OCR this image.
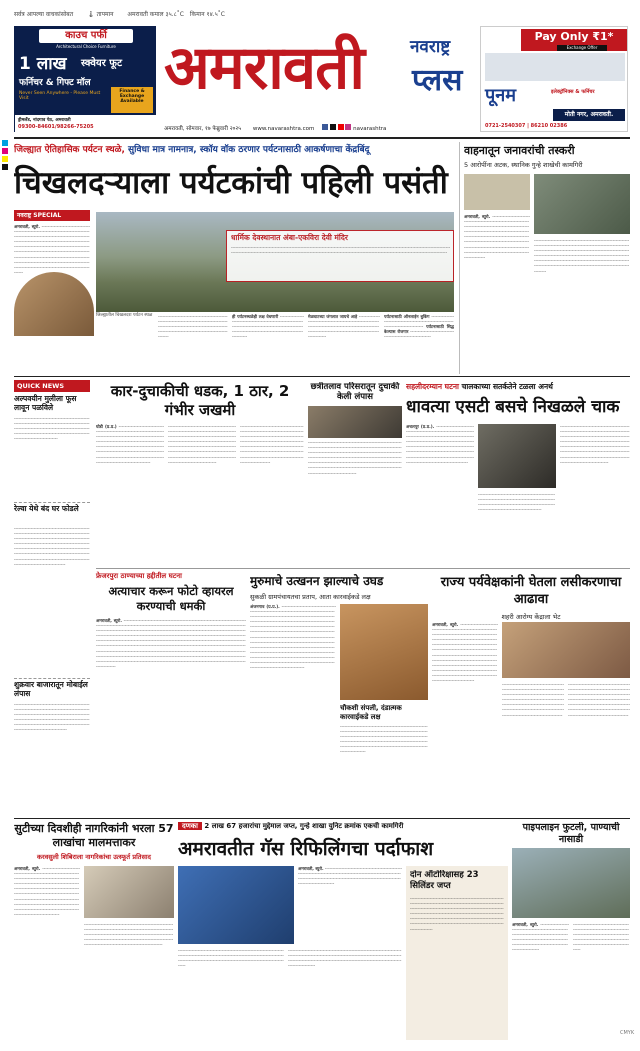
सर्वत्र आपल्या वाचकांसोबत 🌡 तापमान अमरावती कमाल ३५.८˚C किमान १४.५˚C
काउच पर्फी
Architectural Choice Furniture
1 लाख स्क्वेयर फूट
फर्निचर & गिफ्ट मॉल
Finance & Exchange Available
Never Seen Anywhere - Please Must Visit
ड्रीमलँड, नांदगाव पेठ, अमरावती
09300-84601/98266-75205
अमरावती	नवराष्ट्र
प्लस
अमरावती, सोमवार, १७ फेब्रुवारी २०२५ www.navarashtra.com	navarashtra
Pay Only ₹1*
Exchange Offer
पूनम	इलेक्ट्रॉनिक्स & फर्निचर
मोती नगर, अमरावती.
0721-2540307 | 86210 02386
जिल्ह्यात ऐतिहासिक पर्यटन स्थळे, सुविधा मात्र नामनात्र, स्कॉय वॉक ठरणार पर्यटनासाठी आकर्षणाचा केंद्रबिंदू
चिखलदऱ्याला पर्यटकांची पहिली पसंती
नवराष्ट्र SPECIAL
अमरावती, ब्युरो. ------------------------------------------------------------------------------------------------------------------------------------------------------------------------------------------------------------------------------------------------------------------------------------------------------------------------------------------------------------------------------------------------------------------------------------------------------
धार्मिक देवस्थानात अंबा-एकविरा देवी मंदिर
------------------------------------------------------------------------------------------------------------------------------------------------------------------------------------------------------------------------------------------------------------------------------------------------
जिल्ह्यातील चिखलदरा पर्यटन स्थळ	-----------------------------------------------------------------------------------------------------------------------------------------------------------------------------------------------
ही पर्यटनस्थळेही लक्ष वेधणारी -----------------------------------------------------------------------------------------------------------------------------------------------------------------------
मेळघाटच्या जंगलात जायचे आहे -----------------------------------------------------------------------------------------------------------------------------------------------------------------------
पर्यटनासाठी ऑनलाईन बुकिंग --------------------------------------------------------------------------------------- पर्यटनासाठी सिद्ध केल्यास रोजगार ------------------------------------------------------------
वाहनातून जनावरांची तस्करी
5 आरोपींना अटक, स्थानिक गुन्हे शाखेची कामगिरी
अमरावती, ब्युरो. ----------------------------------------------------------------------------------------------------------------------------------------------------------------------------------------------------------------------------------------------------------------------------------------------------------------------------------------------------
--------------------------------------------------------------------------------------------------------------------------------------------------------------------------------------------------------------------------------------------------------------------------------------------------------------------------------------------------------------------------------------------------
QUICK NEWS
अल्पवयीन मुलीला फूस लावून पळविले
-------------------------------------------------------------------------------------------------------------------------------------------------------------------------------------------------------------------------------------
रेल्वा येथे बंद घर फोडले
------------------------------------------------------------------------------------------------------------------------------------------------------------------------------------------------------------------------------------------------------------------------------------------------------------------------------------------------------------------------------------------------
शुक्रवार बाजारातून मोबाईल लंपास
---------------------------------------------------------------------------------------------------------------------------------------------------------------------------------------------------------------------------------------------------------------------------------------------
कार-दुचाकीची धडक, 1 ठार, 2 गंभीर जखमी
घोडी (प्र.प्र.) ------------------------------------------------------------------------------------------------------------------------------------------------------------------------------------------------------------------------------------------------------------------------------------------------------------------------------------------------
-----------------------------------------------------------------------------------------------------------------------------------------------------------------------------------------------------------------------------------------------------------------------------------------------------------------------------------------------------------
--------------------------------------------------------------------------------------------------------------------------------------------------------------------------------------------------------------------------------------------------------------------------------------------------------------------------
छत्रीतलाव परिसरातून दुचाकी केली लंपास
--------------------------------------------------------------------------------------------------------------------------------------------------------------------------------------------------------------------------------------------------------------------------------------------------------------------------------------------------------------------------------------------------------------------
सहलीदरम्यान घटना चालकाच्या सतर्कतेने टळला अनर्थ
धावत्या एसटी बसचे निखळले चाक
अचलपूर (प्र.प्र.). ------------------------------------------------------------------------------------------------------------------------------------------------------------------------------------------------------------------------------------------------------------------------------------------------------------------------------------------------
---------------------------------------------------------------------------------------------------------------------------------------------------------------------------------------------------
------------------------------------------------------------------------------------------------------------------------------------------------------------------------------------------------------------------------------------------------------------------------------------------------------------------------------------------------------------------
फ्रेजरपुरा ठाण्याच्या हद्दीतील घटना
अत्याचार करून फोटो व्हायरल करण्याची धमकी
अमरावती, ब्युरो. ----------------------------------------------------------------------------------------------------------------------------------------------------------------------------------------------------------------------------------------------------------------------------------------------------------------------------------------------------------------------------------------------------------------------------------------------------------------------------------------------------------------------------------------------------------------------------------------------------------------------------------------------------------------------------------------------------------------------------------------------------------------------------------------------------------------------------------------------------------------------------------------------------------------------
मुरुमाचे उत्खनन झाल्याचे उघड
सुकळी ग्रामपंचायतचा प्रताप, आता कारवाईकडे लक्ष
अंजनगाव (प्र.प्र.). ----------------------------------------------------------------------------------------------------------------------------------------------------------------------------------------------------------------------------------------------------------------------------------------------------------------------------------------------------------------------------------------------------------------------------------------------------------------------------------------------------------------------------------------------------------------------------------------------------------------------------------------------------------------------------------------------------------------
चौकशी संपली, दंडात्मक कारवाईकडे लक्ष
-------------------------------------------------------------------------------------------------------------------------------------------------------------------------------------------------------------------------------------------------------------------------------------------------------------------
राज्य पर्यवेक्षकांनी घेतला लसीकरणाचा आढावा
शहरी आरोग्य केंद्राला भेट
अमरावती, ब्युरो. ---------------------------------------------------------------------------------------------------------------------------------------------------------------------------------------------------------------------------------------------------------------------------------------------------------------------------------------------------------------------------------------------------------------------------------------------------------------------------------------------------
----------------------------------------------------------------------------------------------------------------------------------------------------------------------------------------------------------------------------------------------------------------------------------------------
----------------------------------------------------------------------------------------------------------------------------------------------------------------------------------------------------------------------------------------------------------------------------------------------
सुटीच्या दिवशीही नागरिकांनी भरला 57 लाखांचा मालमत्ताकर
करवसुली शिबिराला नागरिकांचा उत्स्फूर्त प्रतिसाद
अमरावती, ब्युरो. ---------------------------------------------------------------------------------------------------------------------------------------------------------------------------------------------------------------------------------------------------------------------------------------------------------------------------------------------------------------------------------------------------------------
------------------------------------------------------------------------------------------------------------------------------------------------------------------------------------------------------------------------------------------------------------------------------------------------
दणका 2 लाख 67 हजारांचा मुद्देमाल जप्त, गुन्हे शाखा युनिट क्रमांक एकची कामगिरी
अमरावतीत गॅस रिफिलिंगचा पर्दाफाश
अमरावती, ब्युरो. -------------------------------------------------------------------------------------------------------------------------------------------------------------------------------------------------------------------
-----------------------------------------------------------------------------------------------------------------------------------------------------------------------------------------------------------------------
---------------------------------------------------------------------------------------------------------------------------------------------------------------------------------------------------------------------------------------------------
दोन ऑटोरिक्षासह 23 सिलिंडर जप्त
---------------------------------------------------------------------------------------------------------------------------------------------------------------------------------------------------------------------------------------------------------------------------------------------------------------------------------------------------------------------------------------------------
पाइपलाइन फुटली, पाण्याची नासाडी
अमरावती, ब्युरो. -----------------------------------------------------------------------------------------------------------------------------------------------------------------------------------------
----------------------------------------------------------------------------------------------------------------------------------------------------------------------------------------------
CMYK
